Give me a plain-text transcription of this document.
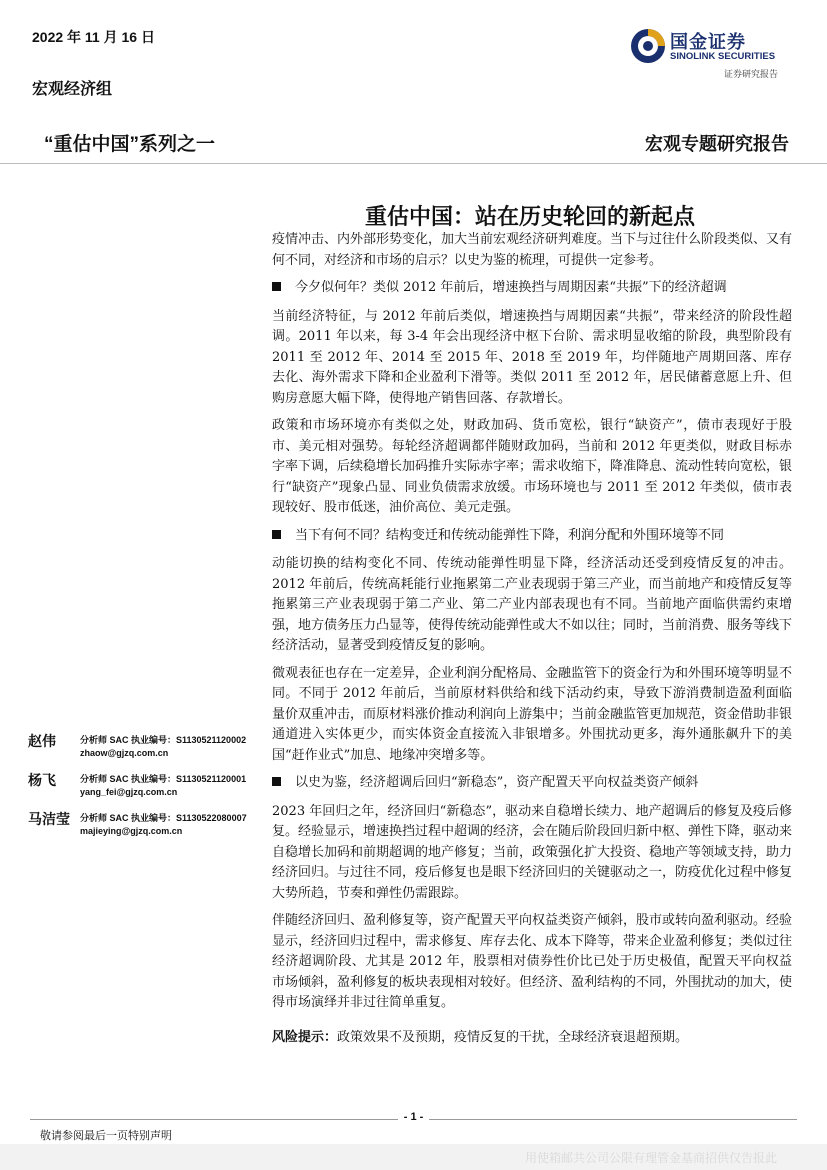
2022 年 11 月 16 日
宏观经济组
“重估中国”系列之一	宏观专题研究报告
国金证券
SINOLINK SECURITIES
证券研究报告
重估中国：站在历史轮回的新起点

疫情冲击、内外部形势变化，加大当前宏观经济研判难度。当下与过往什么阶段类似、又有何不同，对经济和市场的启示？以史为鉴的梳理，可提供一定参考。

今夕似何年？类似 2012 年前后，增速换挡与周期因素“共振”下的经济超调

当前经济特征，与 2012 年前后类似，增速换挡与周期因素“共振”，带来经济的阶段性超调。2011 年以来，每 3-4 年会出现经济中枢下台阶、需求明显收缩的阶段，典型阶段有 2011 至 2012 年、2014 至 2015 年、2018 至 2019 年，均伴随地产周期回落、库存去化、海外需求下降和企业盈利下滑等。类似 2011 至 2012 年，居民储蓄意愿上升、但购房意愿大幅下降，使得地产销售回落、存款增长。

政策和市场环境亦有类似之处，财政加码、货币宽松，银行“缺资产”，债市表现好于股市、美元相对强势。每轮经济超调都伴随财政加码，当前和 2012 年更类似，财政目标赤字率下调，后续稳增长加码推升实际赤字率；需求收缩下，降准降息、流动性转向宽松，银行“缺资产”现象凸显、同业负债需求放缓。市场环境也与 2011 至 2012 年类似，债市表现较好、股市低迷，油价高位、美元走强。

当下有何不同？结构变迁和传统动能弹性下降，利润分配和外围环境等不同

动能切换的结构变化不同、传统动能弹性明显下降，经济活动还受到疫情反复的冲击。2012 年前后，传统高耗能行业拖累第二产业表现弱于第三产业，而当前地产和疫情反复等拖累第三产业表现弱于第二产业、第二产业内部表现也有不同。当前地产面临供需约束增强，地方债务压力凸显等，使得传统动能弹性或大不如以往；同时，当前消费、服务等线下经济活动，显著受到疫情反复的影响。

微观表征也存在一定差异，企业利润分配格局、金融监管下的资金行为和外围环境等明显不同。不同于 2012 年前后，当前原材料供给和线下活动约束，导致下游消费制造盈利面临量价双重冲击，而原材料涨价推动利润向上游集中；当前金融监管更加规范，资金借助非银通道进入实体更少，而实体资金直接流入非银增多。外围扰动更多，海外通胀飙升下的美国“赶作业式”加息、地缘冲突增多等。

以史为鉴，经济超调后回归“新稳态”，资产配置天平向权益类资产倾斜

2023 年回归之年，经济回归“新稳态”，驱动来自稳增长续力、地产超调后的修复及疫后修复。经验显示，增速换挡过程中超调的经济，会在随后阶段回归新中枢、弹性下降，驱动来自稳增长加码和前期超调的地产修复；当前，政策强化扩大投资、稳地产等领域支持，助力经济回归。与过往不同，疫后修复也是眼下经济回归的关键驱动之一，防疫优化过程中修复大势所趋，节奏和弹性仍需跟踪。

伴随经济回归、盈利修复等，资产配置天平向权益类资产倾斜，股市或转向盈利驱动。经验显示，经济回归过程中，需求修复、库存去化、成本下降等，带来企业盈利修复；类似过往经济超调阶段、尤其是 2012 年，股票相对债券性价比已处于历史极值，配置天平向权益市场倾斜，盈利修复的板块表现相对较好。但经济、盈利结构的不同，外围扰动的加大，使得市场演绎并非过往简单重复。

风险提示：政策效果不及预期，疫情反复的干扰，全球经济衰退超预期。
赵伟	分析师 SAC 执业编号：S1130521120002
zhaow@gjzq.com.cn
杨飞	分析师 SAC 执业编号：S1130521120001
yang_fei@gjzq.com.cn
马洁莹 分析师 SAC 执业编号：S1130522080007
majieying@gjzq.com.cn
- 1 -
敬请参阅最后一页特别声明
用使箱邮共公司公限有理管金基商招供仅告报此
